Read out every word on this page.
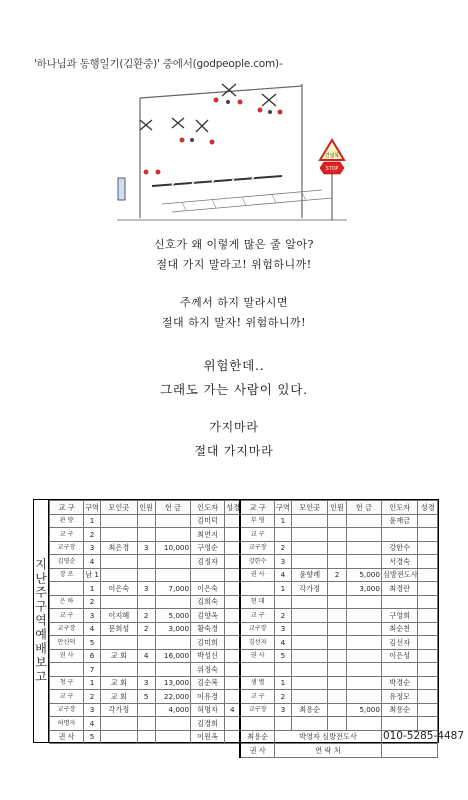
'하나님과 동행일기(김환중)' 중에서(godpeople.com)-
건널목
STOP
신호가 왜 이렇게 많은 줄 알아?
절대 가지 말라고! 위험하니까!
주께서 하지 말라시면
절대 하지 말자! 위험하니까!
위험한데..
그래도 가는 사람이 있다.
가지마라
절대 가지마라
지난주구역예배보고
교 구	구역	모인곳	인원	헌 금	인도자	성경	교 구	구역	모인곳	인원	헌 금	인도자	성경
관 양	1				김미덕		부 영	1				윤재금	
교 구	2				최연지		교 구						
교구장	3	최은경	3	10,000	구영순		교구장	2				강한수	
김영순	4				김정자		강한수	3				서경숙	
장 로	남 1						권 사	4	윤향례	2	5,000	심방전도사	
	1	이은숙	3	7,000	이은숙			1	각가정		3,000	최경란	
은 하	2				김희숙		현 대						
교 구	3	이지혜	2	5,000	김향옥		교 구	2				구영희	
교구장	4	문희성	2	3,000	황숙경		교구장	3				최순천	
안신덕	5				김미희		김선자	4				김선자	
권 사	6	교 회	4	16,000	박성신		권 사	5				이은성	
	7				위정숙								
청 구	1	교 회	3	13,000	김순복		샘 별	1				박경순	
교 구	2	교 회	5	22,000	이유경		교 구	2				유정모	
교구장	3	각가정		4,000	허명자	4	교구장	3	최용순		5,000	최용순	
허명자	4				김경희								
권 사	5				이원옥		최용순	박영자 심방전도사				010-5285-4487	
							권 사	연 락 처					
